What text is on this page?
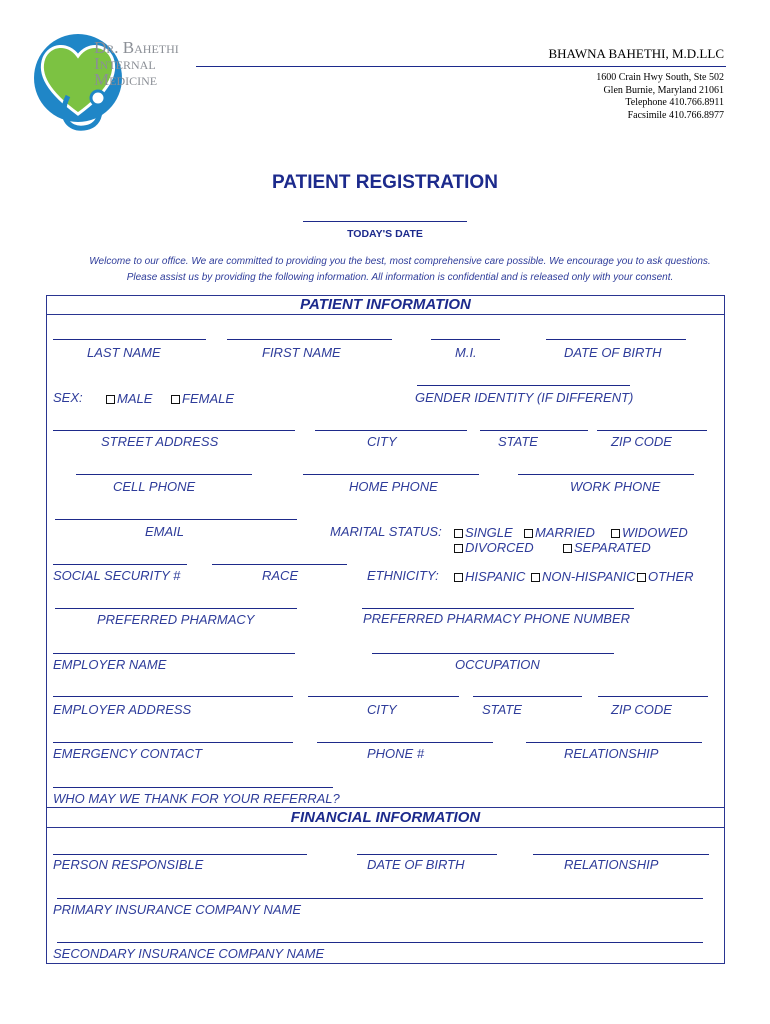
Dr. Bahethi
Internal
Medicine
BHAWNA BAHETHI, M.D.LLC
1600 Crain Hwy South, Ste 502
Glen Burnie, Maryland 21061
Telephone 410.766.8911
Facsimile 410.766.8977
PATIENT REGISTRATION
TODAY'S DATE
Welcome to our office. We are committed to providing you the best, most comprehensive care possible. We encourage you to ask questions.
Please assist us by providing the following information. All information is confidential and is released only with your consent.
PATIENT INFORMATION
LAST NAME	FIRST NAME	M.I.	DATE OF BIRTH
SEX:	MALE	FEMALE	GENDER IDENTITY (IF DIFFERENT)
STREET ADDRESS	CITY	STATE	ZIP CODE
CELL PHONE	HOME PHONE	WORK PHONE
EMAIL	MARITAL STATUS:	SINGLE	MARRIED	WIDOWED
DIVORCED	SEPARATED
SOCIAL SECURITY #	RACE	ETHNICITY:	HISPANIC	NON-HISPANIC OTHER
PREFERRED PHARMACY	PREFERRED PHARMACY PHONE NUMBER
EMPLOYER NAME	OCCUPATION
EMPLOYER ADDRESS	CITY	STATE	ZIP CODE
EMERGENCY CONTACT	PHONE #	RELATIONSHIP
WHO MAY WE THANK FOR YOUR REFERRAL?
FINANCIAL INFORMATION
PERSON RESPONSIBLE	DATE OF BIRTH	RELATIONSHIP
PRIMARY INSURANCE COMPANY NAME
SECONDARY INSURANCE COMPANY NAME
